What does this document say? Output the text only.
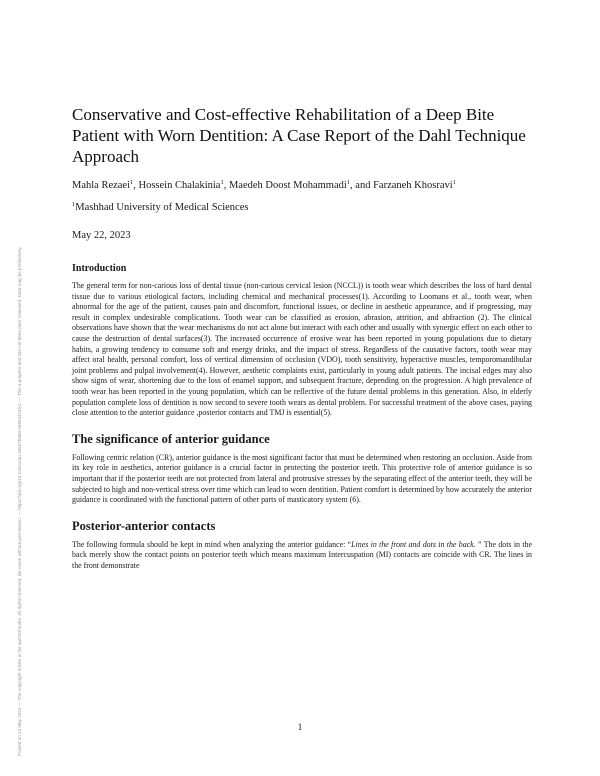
Posted on 22 May 2023 — The copyright holder is the author/funder. All rights reserved. No reuse without permission. — https://doi.org/10.22541/au.168476869.95904415/v1 — This a preprint and has not been peer reviewed. Data may be preliminary.
Conservative and Cost-effective Rehabilitation of a Deep Bite Patient with Worn Dentition: A Case Report of the Dahl Technique Approach
Mahla Rezaei$^1$, Hossein Chalakinia$^1$, Maedeh Doost Mohammadi$^1$, and Farzaneh Khosravi$^1$
$^1$Mashhad University of Medical Sciences
May 22, 2023
Introduction

The general term for non-carious loss of dental tissue (non-carious cervical lesion (NCCL)) is tooth wear which describes the loss of hard dental tissue due to various etiological factors, including chemical and mechanical processes(1). According to Loomans et al., tooth wear, when abnormal for the age of the patient, causes pain and discomfort, functional issues, or decline in aesthetic appearance, and if progressing, may result in complex undesirable complications. Tooth wear can be classified as erosion, abrasion, attrition, and abfraction (2). The clinical observations have shown that the wear mechanisms do not act alone but interact with each other and usually with synergic effect on each other to cause the destruction of dental surfaces(3). The increased occurrence of erosive wear has been reported in young populations due to dietary habits, a growing tendency to consume soft and energy drinks, and the impact of stress. Regardless of the causative factors, tooth wear may affect oral health, personal comfort, loss of vertical dimension of occlusion (VDO), tooth sensitivity, hyperactive muscles, temporomandibular joint problems and pulpal involvement(4). However, aesthetic complaints exist, particularly in young adult patients. The incisal edges may also show signs of wear, shortening due to the loss of enamel support, and subsequent fracture, depending on the progression. A high prevalence of tooth wear has been reported in the young population, which can be reflective of the future dental problems in this generation. Also, in elderly population complete loss of dentition is now second to severe tooth wears as dental problem. For successful treatment of the above cases, paying close attention to the anterior guidance ,posterior contacts and TMJ is essential(5).

The significance of anterior guidance

Following centric relation (CR), anterior guidance is the most significant factor that must be determined when restoring an occlusion. Aside from its key role in aesthetics, anterior guidance is a crucial factor in protecting the posterior teeth. This protective role of anterior guidance is so important that if the posterior teeth are not protected from lateral and protrusive stresses by the separating effect of the anterior teeth, they will be subjected to high and non-vertical stress over time which can lead to worn dentition. Patient comfort is determined by how accurately the anterior guidance is coordinated with the functional pattern of other parts of masticatory system (6).

Posterior-anterior contacts

The following formula should be kept in mind when analyzing the anterior guidance: “Lines in the front and dots in the back. ” The dots in the back merely show the contact points on posterior teeth which means maximum Intercuspation (MI) contacts are coincide with CR. The lines in the front demonstrate

1
